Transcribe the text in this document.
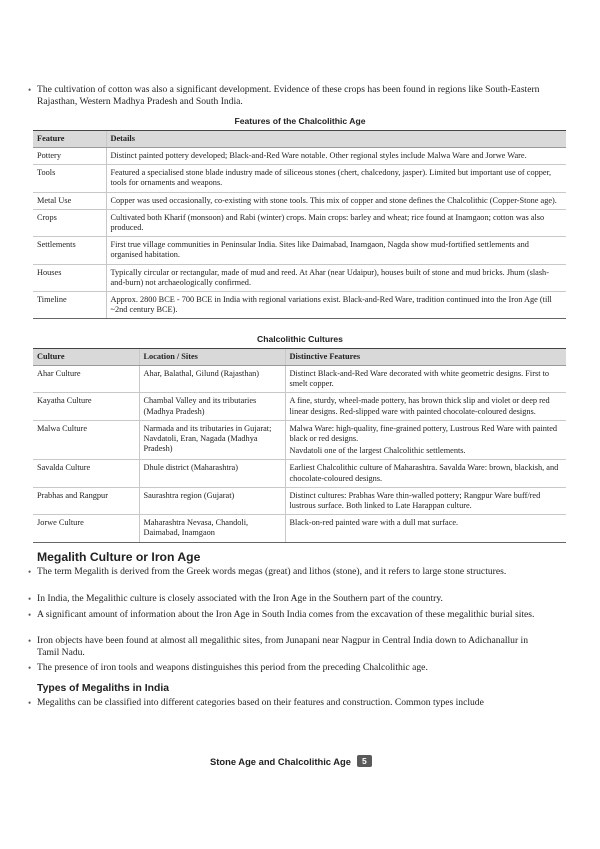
• The cultivation of cotton was also a significant development. Evidence of these crops has been found in regions like South-Eastern Rajasthan, Western Madhya Pradesh and South India.
Features of the Chalcolithic Age
Feature	Details
Pottery	Distinct painted pottery developed; Black-and-Red Ware notable. Other regional styles include Malwa Ware and Jorwe Ware.
Tools	Featured a specialised stone blade industry made of siliceous stones (chert, chalcedony, jasper). Limited but important use of copper, tools for ornaments and weapons.
Metal Use	Copper was used occasionally, co-existing with stone tools. This mix of copper and stone defines the Chalcolithic (Copper-Stone age).
Crops	Cultivated both Kharif (monsoon) and Rabi (winter) crops. Main crops: barley and wheat; rice found at Inamgaon; cotton was also produced.
Settlements	First true village communities in Peninsular India. Sites like Daimabad, Inamgaon, Nagda show mud-fortified settlements and organised habitation.
Houses	Typically circular or rectangular, made of mud and reed. At Ahar (near Udaipur), houses built of stone and mud bricks. Jhum (slash-and-burn) not archaeologically confirmed.
Timeline	Approx. 2800 BCE - 700 BCE in India with regional variations exist. Black-and-Red Ware, tradition continued into the Iron Age (till ~2nd century BCE).
Chalcolithic Cultures
Culture	Location / Sites	Distinctive Features
Ahar Culture	Ahar, Balathal, Gilund (Rajasthan)	Distinct Black-and-Red Ware decorated with white geometric designs. First to smelt copper.
Kayatha Culture	Chambal Valley and its tributaries (Madhya Pradesh)	A fine, sturdy, wheel-made pottery, has brown thick slip and violet or deep red linear designs. Red-slipped ware with painted chocolate-coloured designs.
Malwa Culture	Narmada and its tributaries in Gujarat; Navdatoli, Eran, Nagada (Madhya Pradesh)	Malwa Ware: high-quality, fine-grained pottery, Lustrous Red Ware with painted black or red designs.
Navdatoli one of the largest Chalcolithic settlements.

Savalda Culture	Dhule district (Maharashtra)	Earliest Chalcolithic culture of Maharashtra. Savalda Ware: brown, blackish, and chocolate-coloured designs.
Prabhas and Rangpur	Saurashtra region (Gujarat)	Distinct cultures: Prabhas Ware thin-walled pottery; Rangpur Ware buff/red lustrous surface. Both linked to Late Harappan culture.
Jorwe Culture	Maharashtra Nevasa, Chandoli, Daimabad, Inamgaon	Black-on-red painted ware with a dull mat surface.
Megalith Culture or Iron Age
• The term Megalith is derived from the Greek words megas (great) and lithos (stone), and it refers to large stone structures.
• In India, the Megalithic culture is closely associated with the Iron Age in the Southern part of the country.
• A significant amount of information about the Iron Age in South India comes from the excavation of these megalithic burial sites.
• Iron objects have been found at almost all megalithic sites, from Junapani near Nagpur in Central India down to Adichanallur in Tamil Nadu.
• The presence of iron tools and weapons distinguishes this period from the preceding Chalcolithic age.
Types of Megaliths in India
• Megaliths can be classified into different categories based on their features and construction. Common types include
Stone Age and Chalcolithic Age	5
